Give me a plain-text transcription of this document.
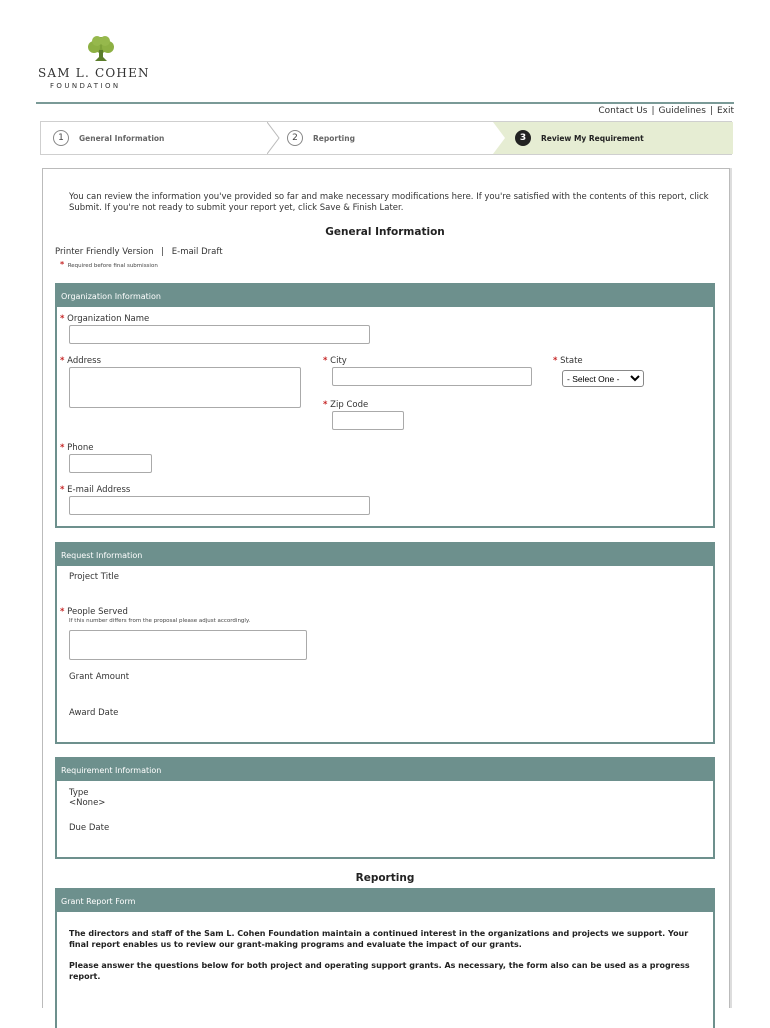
SAM L. COHEN
FOUNDATION
Contact Us | Guidelines | Exit
1	General Information	2	Reporting	3	Review My Requirement
You can review the information you've provided so far and make necessary modifications here. If you're satisfied with the contents of this report, click Submit. If you're not ready to submit your report yet, click Save & Finish Later.
General Information
Printer Friendly Version | E-mail Draft
* Required before final submission
Organization Information
* Organization Name
* Address	* City	* State
- Select One -
* Zip Code
* Phone
* E-mail Address
Request Information
Project Title
* People Served
If this number differs from the proposal please adjust accordingly.
Grant Amount
Award Date
Requirement Information
Type
<None>
Due Date
Reporting
Grant Report Form
The directors and staff of the Sam L. Cohen Foundation maintain a continued interest in the organizations and projects we support. Your final report enables us to review our grant-making programs and evaluate the impact of our grants.
Please answer the questions below for both project and operating support grants. As necessary, the form also can be used as a progress report.
